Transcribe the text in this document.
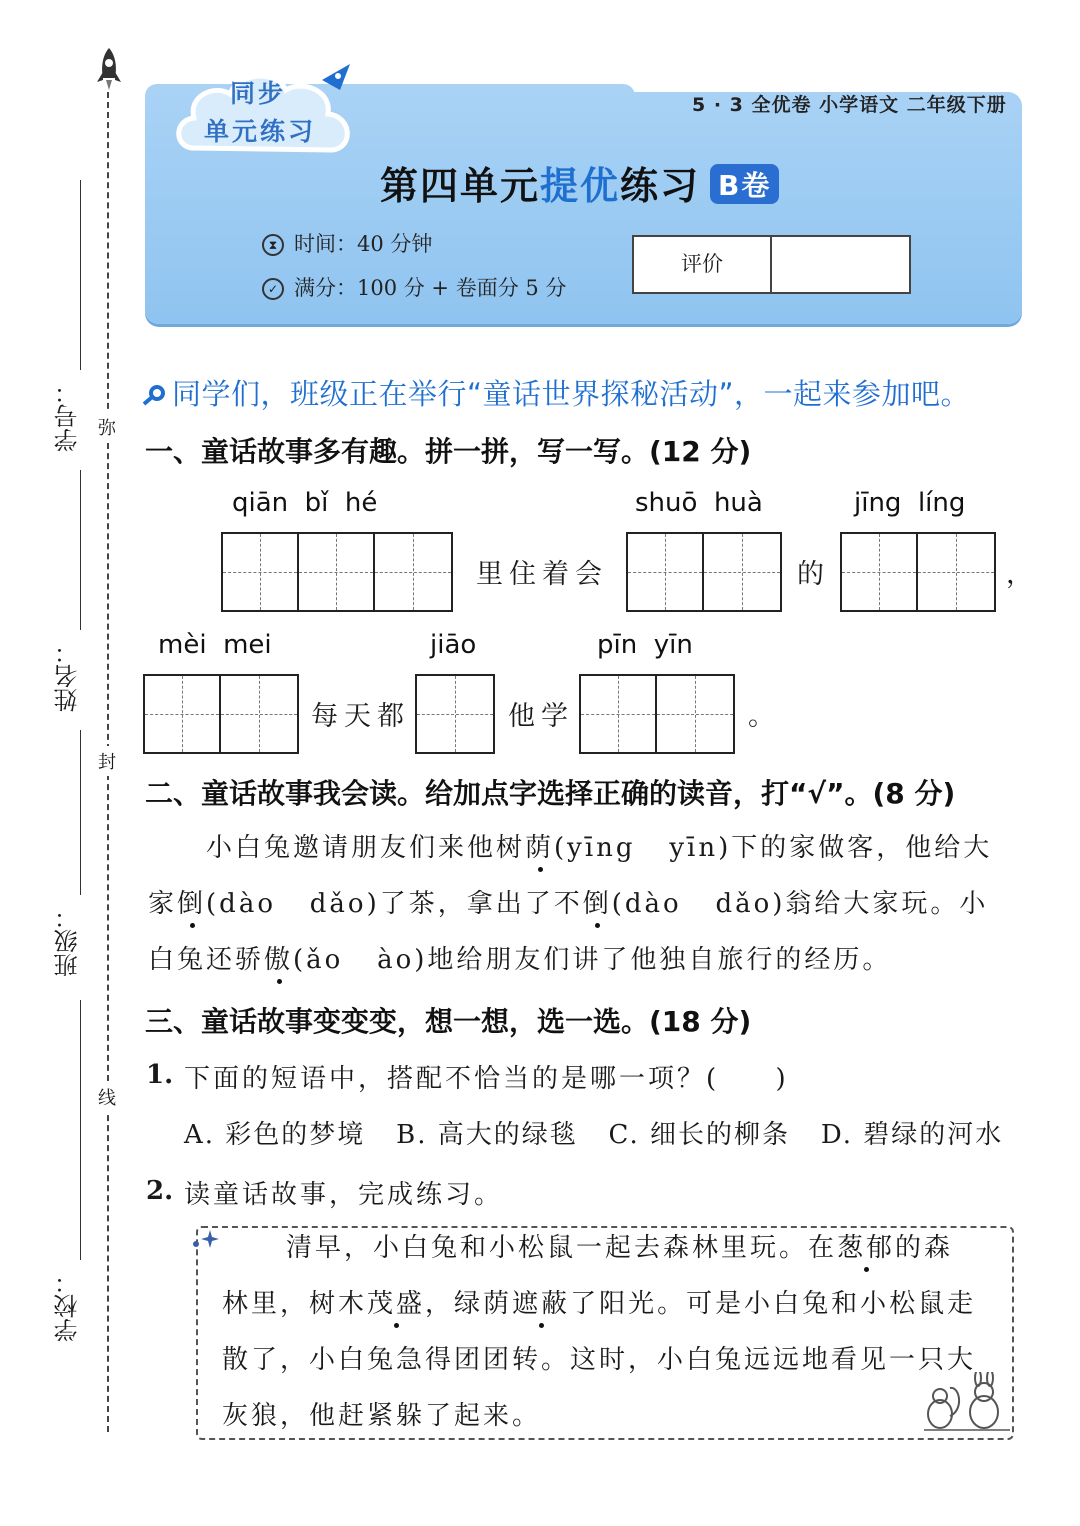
弥
封
线
学号：
姓名：
班级：
学校：
5 · 3 全优卷 小学语文 二年级下册
同步
单元练习
第四单元提优练习 B卷
⧗ 时间：40 分钟
✓ 满分：100 分 + 卷面分 5 分
评价
同学们，班级正在举行“童话世界探秘活动”，一起来参加吧。
一、童话故事多有趣。拼一拼，写一写。(12 分)
qiān  bǐ  hé
里住着会
shuō  huà
的
jīng  líng
，
mèi  mei
每天都
jiāo
他学
pīn  yīn
。
二、童话故事我会读。给加点字选择正确的读音，打“√”。(8 分)
小白兔邀请朋友们来他树荫(yīng   yīn)下的家做客，他给大
家倒(dào   dǎo)了茶，拿出了不倒(dào   dǎo)翁给大家玩。小
白兔还骄傲(ǎo   ào)地给朋友们讲了他独自旅行的经历。
三、童话故事变变变，想一想，选一选。(18 分)
1. 下面的短语中，搭配不恰当的是哪一项？(     )
A. 彩色的梦境   B. 高大的绿毯   C. 细长的柳条   D. 碧绿的河水
2. 读童话故事，完成练习。
清早，小白兔和小松鼠一起去森林里玩。在葱郁的森
林里，树木茂盛，绿荫遮蔽了阳光。可是小白兔和小松鼠走
散了，小白兔急得团团转。这时，小白兔远远地看见一只大
灰狼，他赶紧躲了起来。
